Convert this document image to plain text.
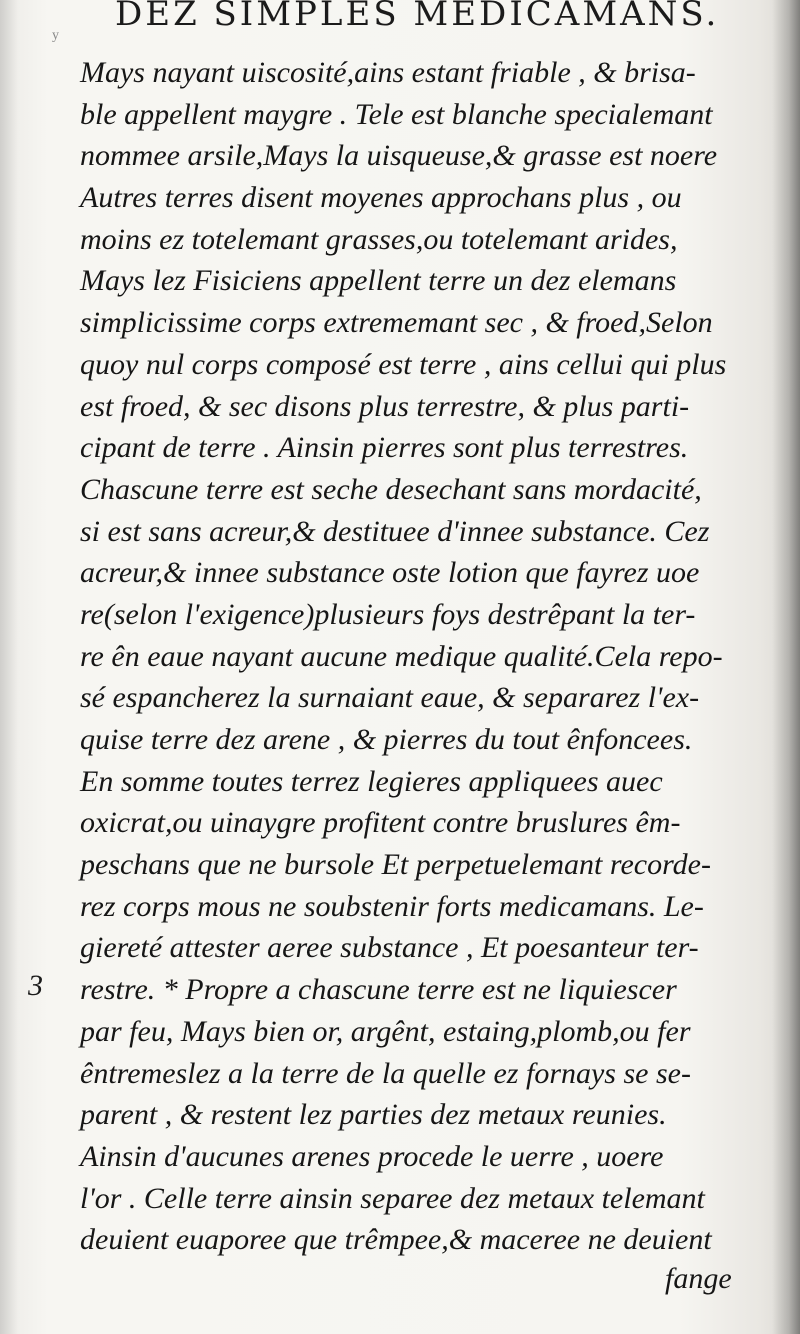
y
DEZ SIMPLES MEDICAMANS.
Mays nayant uiscosité,ains estant friable , & brisa-
ble appellent maygre . Tele est blanche specialemant
nommee arsile,Mays la uisqueuse,& grasse est noere
Autres terres disent moyenes approchans plus , ou
moins ez totelemant grasses,ou totelemant arides,
Mays lez Fisiciens appellent terre un dez elemans
simplicissime corps extrememant sec , & froed,Selon
quoy nul corps composé est terre , ains cellui qui plus
est froed, & sec disons plus terrestre, & plus parti-
cipant de terre . Ainsin pierres sont plus terrestres.
Chascune terre est seche desechant sans mordacité,
si est sans acreur,& destituee d'innee substance. Cez
acreur,& innee substance oste lotion que fayrez uoe
re(selon l'exigence)plusieurs foys destrêpant la ter-
re ên eaue nayant aucune medique qualité.Cela repo-
sé espancherez la surnaiant eaue, & separarez l'ex-
quise terre dez arene , & pierres du tout ênfoncees.
En somme toutes terrez legieres appliquees auec
oxicrat,ou uinaygre profitent contre bruslures êm-
peschans que ne bursole Et perpetuelemant recorde-
rez corps mous ne soubstenir forts medicamans. Le-
giereté attester aeree substance , Et poesanteur ter-
restre. * Propre a chascune terre est ne liquiescer
par feu, Mays bien or, argênt, estaing,plomb,ou fer
êntremeslez a la terre de la quelle ez fornays se se-
parent , & restent lez parties dez metaux reunies.
Ainsin d'aucunes arenes procede le uerre , uoere
l'or . Celle terre ainsin separee dez metaux telemant
deuient euaporee que trêmpee,& maceree ne deuient
3
fange
